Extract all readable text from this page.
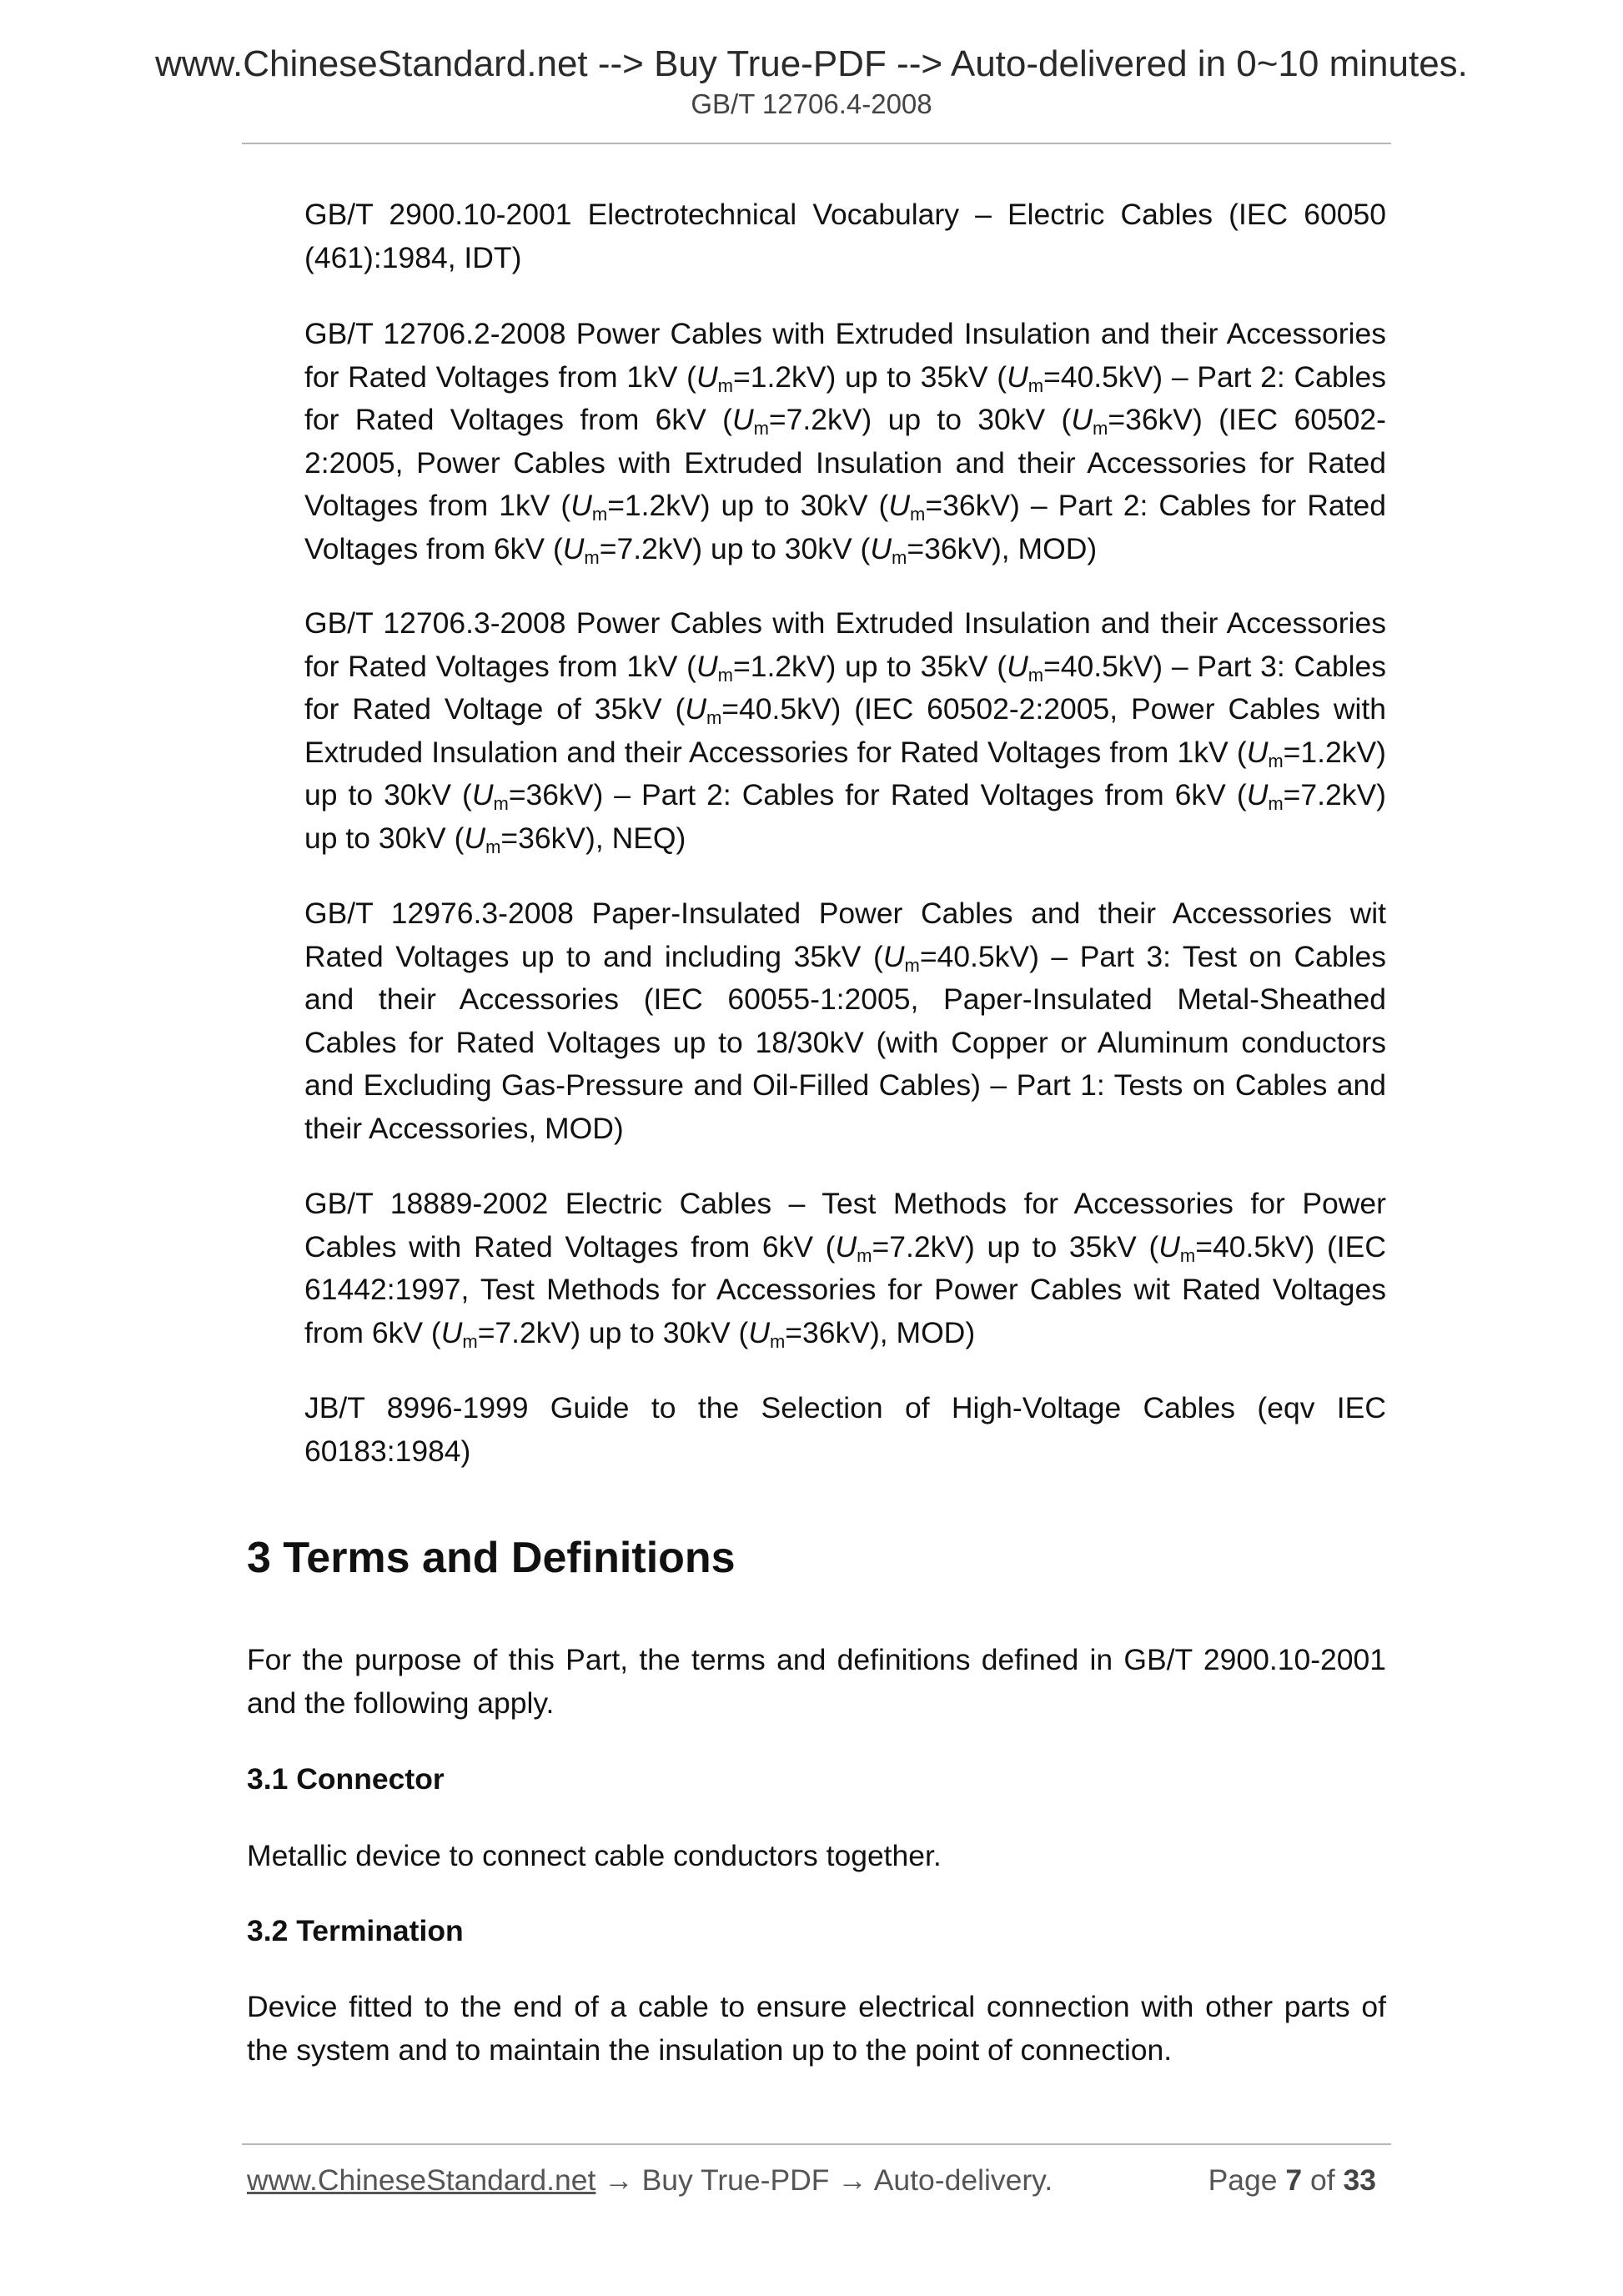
www.ChineseStandard.net --> Buy True-PDF --> Auto-delivered in 0~10 minutes.
GB/T 12706.4-2008

GB/T 2900.10-2001 Electrotechnical Vocabulary – Electric Cables (IEC 60050 (461):1984, IDT)

GB/T 12706.2-2008 Power Cables with Extruded Insulation and their Accessories for Rated Voltages from 1kV $(U_m=1.2kV)$ up to 35kV $(U_m=40.5kV)$ – Part 2: Cables for Rated Voltages from 6kV $(U_m=7.2kV)$ up to 30kV $(U_m=36kV)$ (IEC 60502-2:2005, Power Cables with Extruded Insulation and their Accessories for Rated Voltages from 1kV $(U_m=1.2kV)$ up to 30kV $(U_m=36kV)$ – Part 2: Cables for Rated Voltages from 6kV $(U_m=7.2kV)$ up to 30kV $(U_m=36kV)$, MOD)

GB/T 12706.3-2008 Power Cables with Extruded Insulation and their Accessories for Rated Voltages from 1kV $(U_m=1.2kV)$ up to 35kV $(U_m=40.5kV)$ – Part 3: Cables for Rated Voltage of 35kV $(U_m=40.5kV)$ (IEC 60502-2:2005, Power Cables with Extruded Insulation and their Accessories for Rated Voltages from 1kV $(U_m=1.2kV)$ up to 30kV $(U_m=36kV)$ – Part 2: Cables for Rated Voltages from 6kV $(U_m=7.2kV)$ up to 30kV $(U_m=36kV)$, NEQ)

GB/T 12976.3-2008 Paper-Insulated Power Cables and their Accessories wit Rated Voltages up to and including 35kV $(U_m=40.5kV)$ – Part 3: Test on Cables and their Accessories (IEC 60055-1:2005, Paper-Insulated Metal-Sheathed Cables for Rated Voltages up to 18/30kV (with Copper or Aluminum conductors and Excluding Gas-Pressure and Oil-Filled Cables) – Part 1: Tests on Cables and their Accessories, MOD)

GB/T 18889-2002 Electric Cables – Test Methods for Accessories for Power Cables with Rated Voltages from 6kV $(U_m=7.2kV)$ up to 35kV $(U_m=40.5kV)$ (IEC 61442:1997, Test Methods for Accessories for Power Cables wit Rated Voltages from 6kV $(U_m=7.2kV)$ up to 30kV $(U_m=36kV)$, MOD)

JB/T 8996-1999 Guide to the Selection of High-Voltage Cables (eqv IEC 60183:1984)

3 Terms and Definitions

For the purpose of this Part, the terms and definitions defined in GB/T 2900.10-2001 and the following apply.

3.1 Connector

Metallic device to connect cable conductors together.

3.2 Termination

Device fitted to the end of a cable to ensure electrical connection with other parts of the system and to maintain the insulation up to the point of connection.

www.ChineseStandard.net → Buy True-PDF → Auto-delivery.	Page 7 of 33
